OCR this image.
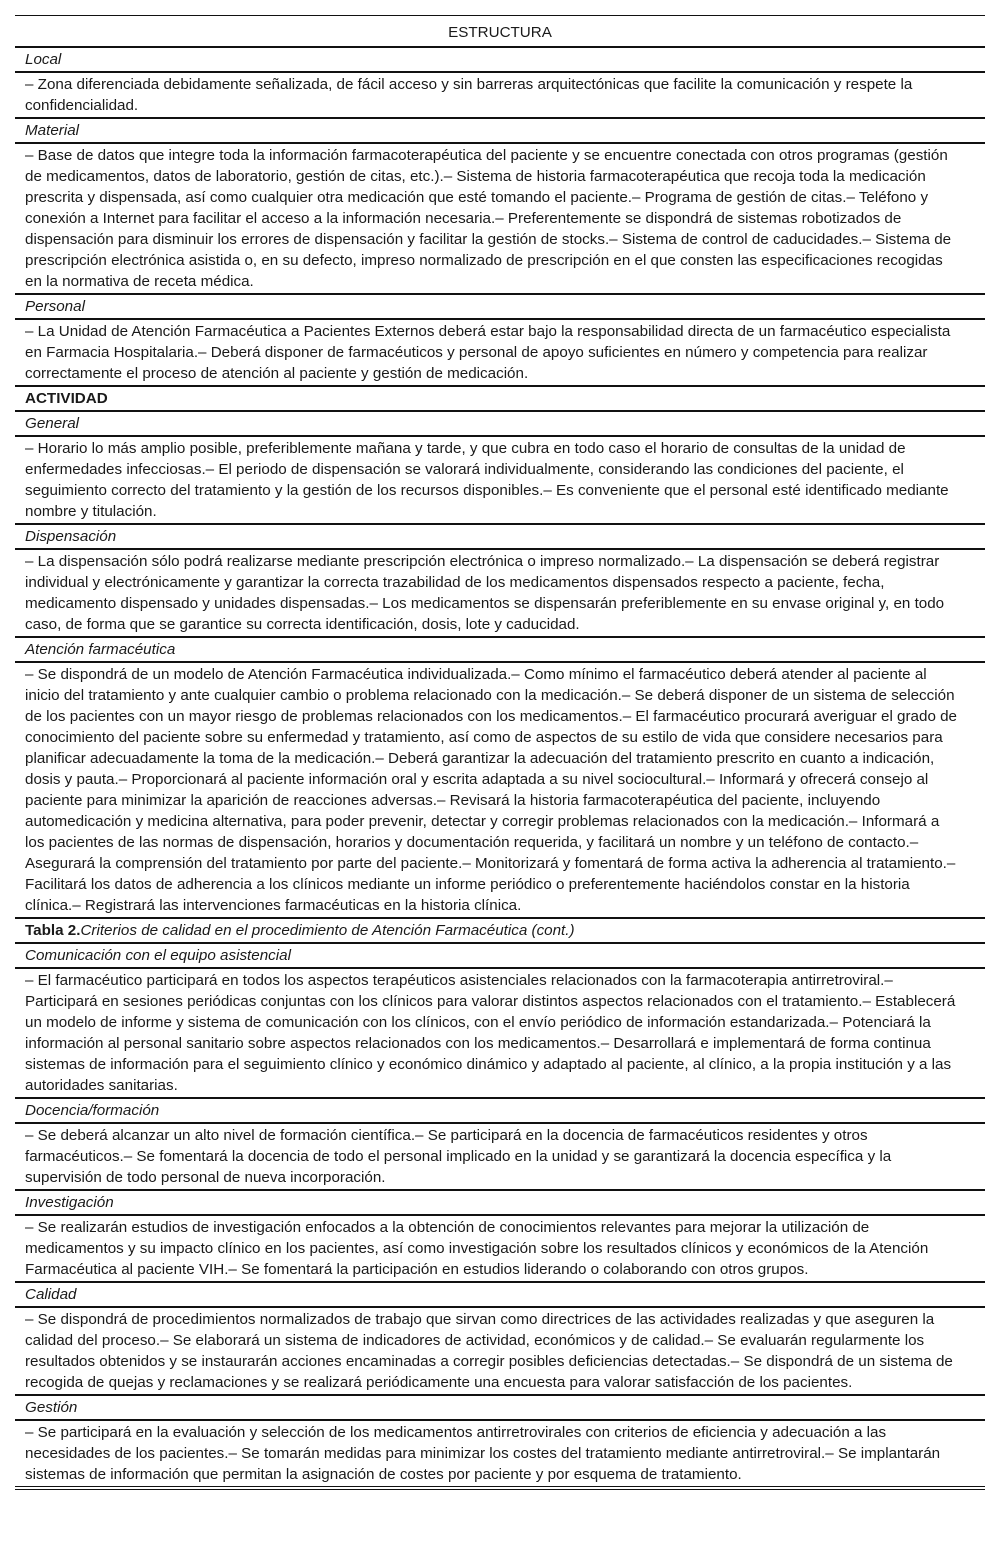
ESTRUCTURA
Local
– Zona diferenciada debidamente señalizada, de fácil acceso y sin barreras arquitectónicas que facilite la comunicación y respete la confidencialidad.
Material
– Base de datos que integre toda la información farmacoterapéutica del paciente y se encuentre conectada con otros programas (gestión de medicamentos, datos de laboratorio, gestión de citas, etc.).– Sistema de historia farmacoterapéutica que recoja toda la medicación prescrita y dispensada, así como cualquier otra medicación que esté tomando el paciente.– Programa de gestión de citas.– Teléfono y conexión a Internet para facilitar el acceso a la información necesaria.– Preferentemente se dispondrá de sistemas robotizados de dispensación para disminuir los errores de dispensación y facilitar la gestión de stocks.– Sistema de control de caducidades.– Sistema de prescripción electrónica asistida o, en su defecto, impreso normalizado de prescripción en el que consten las especificaciones recogidas en la normativa de receta médica.
Personal
– La Unidad de Atención Farmacéutica a Pacientes Externos deberá estar bajo la responsabilidad directa de un farmacéutico especialista en Farmacia Hospitalaria.– Deberá disponer de farmacéuticos y personal de apoyo suficientes en número y competencia para realizar correctamente el proceso de atención al paciente y gestión de medicación.
ACTIVIDAD
General
– Horario lo más amplio posible, preferiblemente mañana y tarde, y que cubra en todo caso el horario de consultas de la unidad de enfermedades infecciosas.– El periodo de dispensación se valorará individualmente, considerando las condiciones del paciente, el seguimiento correcto del tratamiento y la gestión de los recursos disponibles.– Es conveniente que el personal esté identificado mediante nombre y titulación.
Dispensación
– La dispensación sólo podrá realizarse mediante prescripción electrónica o impreso normalizado.– La dispensación se deberá registrar individual y electrónicamente y garantizar la correcta trazabilidad de los medicamentos dispensados respecto a paciente, fecha, medicamento dispensado y unidades dispensadas.– Los medicamentos se dispensarán preferiblemente en su envase original y, en todo caso, de forma que se garantice su correcta identificación, dosis, lote y caducidad.
Atención farmacéutica
– Se dispondrá de un modelo de Atención Farmacéutica individualizada.– Como mínimo el farmacéutico deberá atender al paciente al inicio del tratamiento y ante cualquier cambio o problema relacionado con la medicación.– Se deberá disponer de un sistema de selección de los pacientes con un mayor riesgo de problemas relacionados con los medicamentos.– El farmacéutico procurará averiguar el grado de conocimiento del paciente sobre su enfermedad y tratamiento, así como de aspectos de su estilo de vida que considere necesarios para planificar adecuadamente la toma de la medicación.– Deberá garantizar la adecuación del tratamiento prescrito en cuanto a indicación, dosis y pauta.– Proporcionará al paciente información oral y escrita adaptada a su nivel sociocultural.– Informará y ofrecerá consejo al paciente para minimizar la aparición de reacciones adversas.– Revisará la historia farmacoterapéutica del paciente, incluyendo automedicación y medicina alternativa, para poder prevenir, detectar y corregir problemas relacionados con la medicación.– Informará a los pacientes de las normas de dispensación, horarios y documentación requerida, y facilitará un nombre y un teléfono de contacto.– Asegurará la comprensión del tratamiento por parte del paciente.– Monitorizará y fomentará de forma activa la adherencia al tratamiento.– Facilitará los datos de adherencia a los clínicos mediante un informe periódico o preferentemente haciéndolos constar en la historia clínica.– Registrará las intervenciones farmacéuticas en la historia clínica.
Tabla 2.Criterios de calidad en el procedimiento de Atención Farmacéutica (cont.)
Comunicación con el equipo asistencial
– El farmacéutico participará en todos los aspectos terapéuticos asistenciales relacionados con la farmacoterapia antirretroviral.– Participará en sesiones periódicas conjuntas con los clínicos para valorar distintos aspectos relacionados con el tratamiento.– Establecerá un modelo de informe y sistema de comunicación con los clínicos, con el envío periódico de información estandarizada.– Potenciará la información al personal sanitario sobre aspectos relacionados con los medicamentos.– Desarrollará e implementará de forma continua sistemas de información para el seguimiento clínico y económico dinámico y adaptado al paciente, al clínico, a la propia institución y a las autoridades sanitarias.
Docencia/formación
– Se deberá alcanzar un alto nivel de formación científica.– Se participará en la docencia de farmacéuticos residentes y otros farmacéuticos.– Se fomentará la docencia de todo el personal implicado en la unidad y se garantizará la docencia específica y la supervisión de todo personal de nueva incorporación.
Investigación
– Se realizarán estudios de investigación enfocados a la obtención de conocimientos relevantes para mejorar la utilización de medicamentos y su impacto clínico en los pacientes, así como investigación sobre los resultados clínicos y económicos de la Atención Farmacéutica al paciente VIH.– Se fomentará la participación en estudios liderando o colaborando con otros grupos.
Calidad
– Se dispondrá de procedimientos normalizados de trabajo que sirvan como directrices de las actividades realizadas y que aseguren la calidad del proceso.– Se elaborará un sistema de indicadores de actividad, económicos y de calidad.– Se evaluarán regularmente los resultados obtenidos y se instaurarán acciones encaminadas a corregir posibles deficiencias detectadas.– Se dispondrá de un sistema de recogida de quejas y reclamaciones y se realizará periódicamente una encuesta para valorar satisfacción de los pacientes.
Gestión
– Se participará en la evaluación y selección de los medicamentos antirretrovirales con criterios de eficiencia y adecuación a las necesidades de los pacientes.– Se tomarán medidas para minimizar los costes del tratamiento mediante antirretroviral.– Se implantarán sistemas de información que permitan la asignación de costes por paciente y por esquema de tratamiento.
